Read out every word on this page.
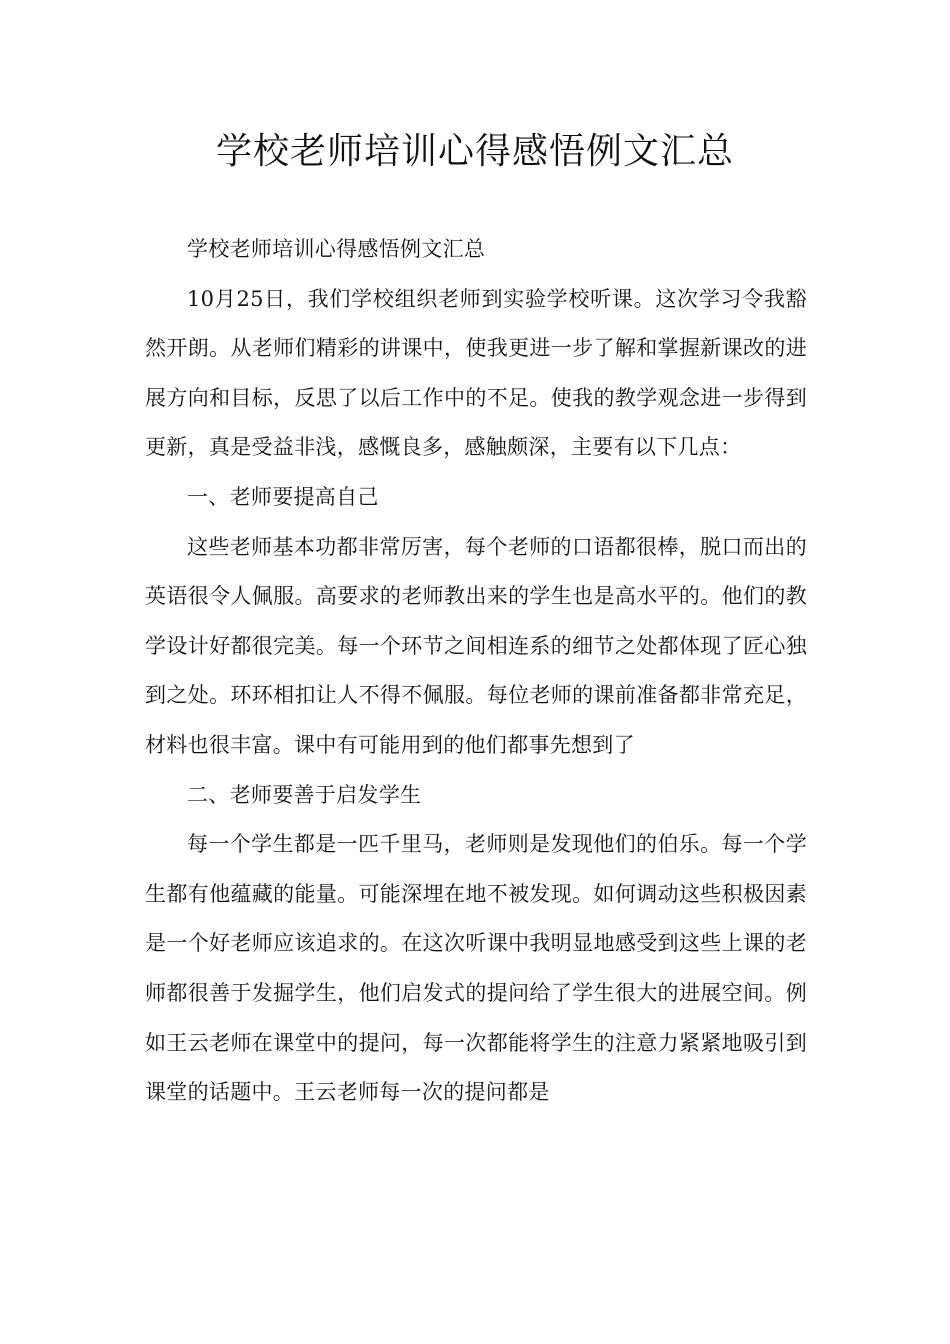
学校老师培训心得感悟例文汇总

学校老师培训心得感悟例文汇总

10月25日，我们学校组织老师到实验学校听课。这次学习令我豁然开朗。从老师们精彩的讲课中，使我更进一步了解和掌握新课改的进展方向和目标，反思了以后工作中的不足。使我的教学观念进一步得到更新，真是受益非浅，感慨良多，感触颇深，主要有以下几点：

一、老师要提高自己

这些老师基本功都非常厉害，每个老师的口语都很棒，脱口而出的英语很令人佩服。高要求的老师教出来的学生也是高水平的。他们的教学设计好都很完美。每一个环节之间相连系的细节之处都体现了匠心独到之处。环环相扣让人不得不佩服。每位老师的课前准备都非常充足，材料也很丰富。课中有可能用到的他们都事先想到了

二、老师要善于启发学生

每一个学生都是一匹千里马，老师则是发现他们的伯乐。每一个学生都有他蕴藏的能量。可能深埋在地不被发现。如何调动这些积极因素是一个好老师应该追求的。在这次听课中我明显地感受到这些上课的老师都很善于发掘学生，他们启发式的提问给了学生很大的进展空间。例如王云老师在课堂中的提问，每一次都能将学生的注意力紧紧地吸引到课堂的话题中。王云老师每一次的提问都是
